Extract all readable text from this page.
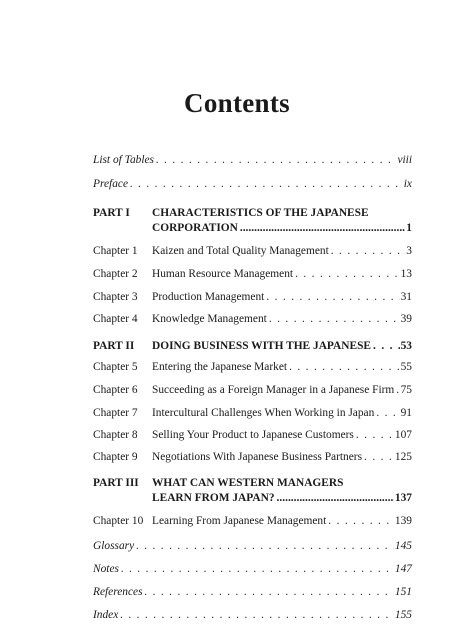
Contents
List of Tables . . .	viii
Preface . . .	ix
PART I CHARACTERISTICS OF THE JAPANESE
CORPORATION .....	1
Chapter 1 Kaizen and Total Quality Management . . .	3
Chapter 2 Human Resource Management . . .	13
Chapter 3 Production Management . . .	31
Chapter 4 Knowledge Management . . .	39
PART II DOING BUSINESS WITH THE JAPANESE . . .	53
Chapter 5 Entering the Japanese Market . . .	55
Chapter 6 Succeeding as a Foreign Manager in a Japanese Firm . . . 75
Chapter 7 Intercultural Challenges When Working in Japan . . . 91
Chapter 8 Selling Your Product to Japanese Customers . . .	107
Chapter 9 Negotiations With Japanese Business Partners . . .	125
PART III WHAT CAN WESTERN MANAGERS
LEARN FROM JAPAN? .....	137
Chapter 10 Learning From Japanese Management . . .	139
Glossary . . .	145
Notes . . .	147
References . . .	151
Index . . .	155
